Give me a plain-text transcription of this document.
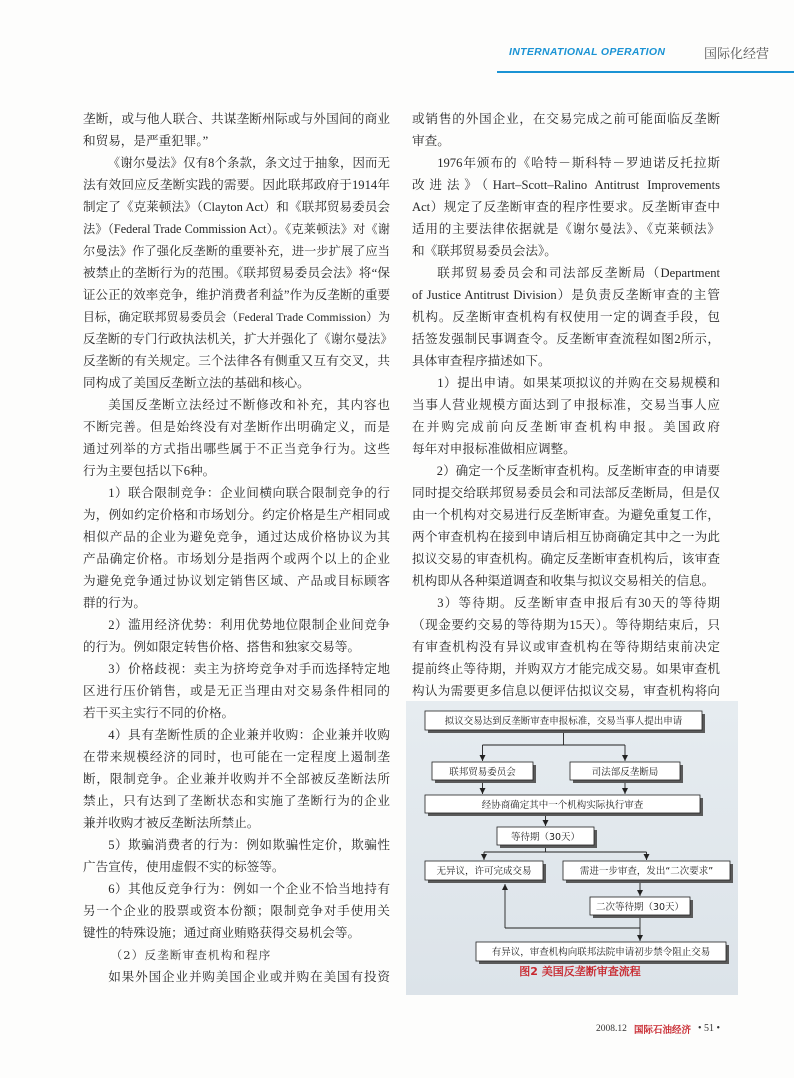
INTERNATIONAL OPERATION	国际化经营
垄断，或与他人联合、共谋垄断州际或与外国间的商业
和贸易，是严重犯罪。”
《谢尔曼法》仅有8个条款，条文过于抽象，因而无
法有效回应反垄断实践的需要。因此联邦政府于1914年
制定了《克莱顿法》（Clayton Act）和《联邦贸易委员会
法》（Federal Trade Commission Act）。《克莱顿法》对《谢
尔曼法》作了强化反垄断的重要补充，进一步扩展了应当
被禁止的垄断行为的范围。《联邦贸易委员会法》将“保
证公正的效率竞争，维护消费者利益”作为反垄断的重要
目标，确定联邦贸易委员会（Federal Trade Commission）为
反垄断的专门行政执法机关，扩大并强化了《谢尔曼法》
反垄断的有关规定。三个法律各有侧重又互有交叉，共
同构成了美国反垄断立法的基础和核心。
美国反垄断立法经过不断修改和补充，其内容也
不断完善。但是始终没有对垄断作出明确定义，而是
通过列举的方式指出哪些属于不正当竞争行为。这些
行为主要包括以下6种。
1）联合限制竞争：企业间横向联合限制竞争的行
为，例如约定价格和市场划分。约定价格是生产相同或
相似产品的企业为避免竞争，通过达成价格协议为其
产品确定价格。市场划分是指两个或两个以上的企业
为避免竞争通过协议划定销售区域、产品或目标顾客
群的行为。
2）滥用经济优势：利用优势地位限制企业间竞争
的行为。例如限定转售价格、搭售和独家交易等。
3）价格歧视：卖主为挤垮竞争对手而选择特定地
区进行压价销售，或是无正当理由对交易条件相同的
若干买主实行不同的价格。
4）具有垄断性质的企业兼并收购：企业兼并收购
在带来规模经济的同时，也可能在一定程度上遏制垄
断，限制竞争。企业兼并收购并不全部被反垄断法所
禁止，只有达到了垄断状态和实施了垄断行为的企业
兼并收购才被反垄断法所禁止。
5）欺骗消费者的行为：例如欺骗性定价，欺骗性
广告宣传，使用虚假不实的标签等。
6）其他反竞争行为：例如一个企业不恰当地持有
另一个企业的股票或资本份额；限制竞争对手使用关
键性的特殊设施；通过商业贿赂获得交易机会等。
（2）反垄断审查机构和程序
如果外国企业并购美国企业或并购在美国有投资
或销售的外国企业，在交易完成之前可能面临反垄断
审查。
1976年颁布的《哈特－斯科特－罗迪诺反托拉斯
改进法》（Hart–Scott–Ralino Antitrust Improvements
Act）规定了反垄断审查的程序性要求。反垄断审查中
适用的主要法律依据就是《谢尔曼法》、《克莱顿法》
和《联邦贸易委员会法》。
联邦贸易委员会和司法部反垄断局（Department
of Justice Antitrust Division）是负责反垄断审查的主管
机构。反垄断审查机构有权使用一定的调查手段，包
括签发强制民事调查令。反垄断审查流程如图2所示，
具体审查程序描述如下。
1）提出申请。如果某项拟议的并购在交易规模和
当事人营业规模方面达到了申报标准，交易当事人应
在并购完成前向反垄断审查机构申报。美国政府
每年对申报标准做相应调整。
2）确定一个反垄断审查机构。反垄断审查的申请要
同时提交给联邦贸易委员会和司法部反垄断局，但是仅
由一个机构对交易进行反垄断审查。为避免重复工作，
两个审查机构在接到申请后相互协商确定其中之一为此
拟议交易的审查机构。确定反垄断审查机构后，该审查
机构即从各种渠道调查和收集与拟议交易相关的信息。
3）等待期。反垄断审查申报后有30天的等待期
（现金要约交易的等待期为15天）。等待期结束后，只
有审查机构没有异议或审查机构在等待期结束前决定
提前终止等待期，并购双方才能完成交易。如果审查机
构认为需要更多信息以便评估拟议交易，审查机构将向
拟议交易达到反垄断审查申报标准，交易当事人提出申请
联邦贸易委员会	司法部反垄断局
经协商确定其中一个机构实际执行审查
等待期（30天）
无异议，许可完成交易	需进一步审查，发出“二次要求”
二次等待期（30天）
有异议，审查机构向联邦法院申请初步禁令阻止交易
图2 美国反垄断审查流程
2008.12 国际石油经济 • 51 •
